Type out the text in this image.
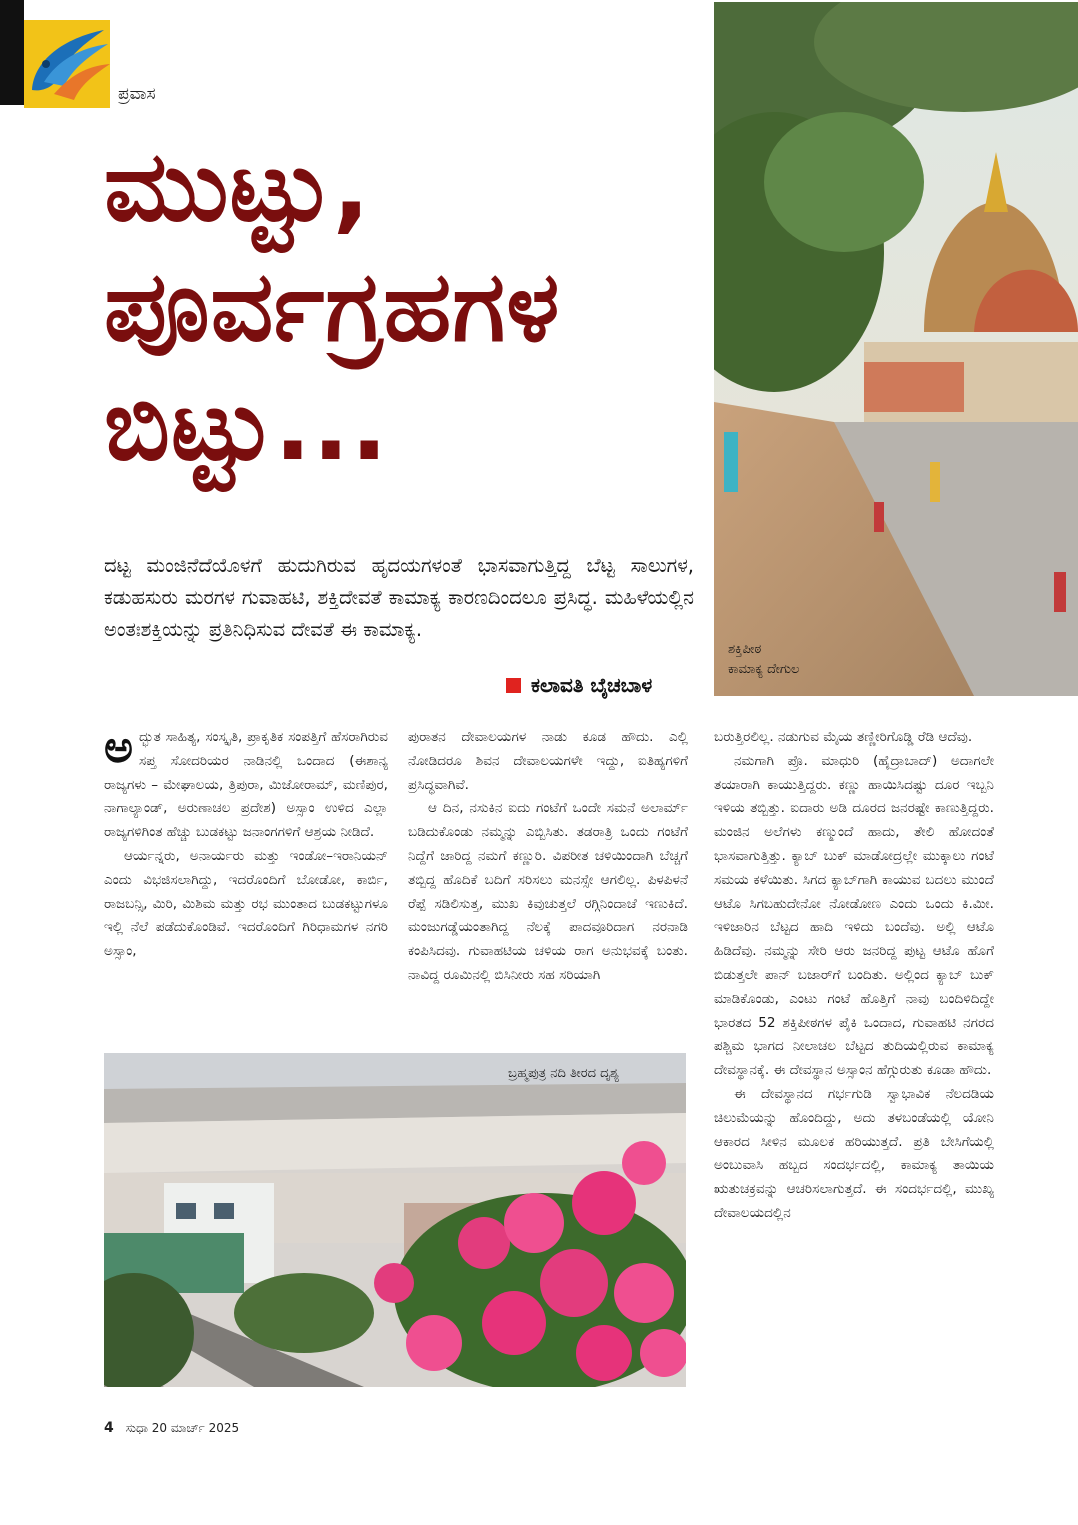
ಪ್ರವಾಸ
ಮುಟ್ಟು,
ಪೂರ್ವಗ್ರಹಗಳ
ಬಿಟ್ಟು...
ದಟ್ಟ ಮಂಜಿನೆದೆಯೊಳಗೆ ಹುದುಗಿರುವ ಹೃದಯಗಳಂತೆ ಭಾಸವಾಗುತ್ತಿದ್ದ ಬೆಟ್ಟ ಸಾಲುಗಳ, ಕಡುಹಸುರು ಮರಗಳ ಗುವಾಹಟಿ, ಶಕ್ತಿದೇವತೆ ಕಾಮಾಕ್ಯ ಕಾರಣದಿಂದಲೂ ಪ್ರಸಿದ್ಧ. ಮಹಿಳೆಯಲ್ಲಿನ ಅಂತಃಶಕ್ತಿಯನ್ನು ಪ್ರತಿನಿಧಿಸುವ ದೇವತೆ ಈ ಕಾಮಾಕ್ಯ.
ಕಲಾವತಿ ಬೈಚಬಾಳ
ಶಕ್ತಿಪೀಠ
ಕಾಮಾಕ್ಯ ದೇಗುಲ

ಅದ್ಭುತ ಸಾಹಿತ್ಯ, ಸಂಸ್ಕೃತಿ, ಪ್ರಾಕೃತಿಕ ಸಂಪತ್ತಿಗೆ ಹೆಸರಾಗಿರುವ ಸಪ್ತ ಸೋದರಿಯರ ನಾಡಿನಲ್ಲಿ ಒಂದಾದ (ಈಶಾನ್ಯ ರಾಜ್ಯಗಳು – ಮೇಘಾಲಯ, ತ್ರಿಪುರಾ, ಮಿಜೋರಾಮ್, ಮಣಿಪುರ, ನಾಗಾಲ್ಯಾಂಡ್, ಅರುಣಾಚಲ ಪ್ರದೇಶ) ಅಸ್ಸಾಂ ಉಳಿದ ಎಲ್ಲಾ ರಾಜ್ಯಗಳಿಗಿಂತ ಹೆಚ್ಚು ಬುಡಕಟ್ಟು ಜನಾಂಗಗಳಿಗೆ ಆಶ್ರಯ ನೀಡಿದೆ.

ಆರ್ಯನ್ನರು, ಅನಾರ್ಯರು ಮತ್ತು ಇಂಡೋ–ಇರಾನಿಯನ್ ಎಂದು ವಿಭಜಿಸಲಾಗಿದ್ದು, ಇದರೊಂದಿಗೆ ಬೋಡೋ, ಕಾರ್ಬಿ, ರಾಜಬನ್ಸಿ, ಮಿರಿ, ಮಿಶಿಮ ಮತ್ತು ರಭ ಮುಂತಾದ ಬುಡಕಟ್ಟುಗಳೂ ಇಲ್ಲಿ ನೆಲೆ ಪಡೆದುಕೊಂಡಿವೆ. ಇದರೊಂದಿಗೆ ಗಿರಿಧಾಮಗಳ ನಗರಿ ಅಸ್ಸಾಂ,

ಪುರಾತನ ದೇವಾಲಯಗಳ ನಾಡು ಕೂಡ ಹೌದು. ಎಲ್ಲಿ ನೋಡಿದರೂ ಶಿವನ ದೇವಾಲಯಗಳೇ ಇದ್ದು, ಐತಿಹ್ಯಗಳಿಗೆ ಪ್ರಸಿದ್ಧವಾಗಿವೆ.

ಆ ದಿನ, ನಸುಕಿನ ಐದು ಗಂಟೆಗೆ ಒಂದೇ ಸಮನೆ ಅಲಾರ್ಮ್ ಬಡಿದುಕೊಂಡು ನಮ್ಮನ್ನು ಎಬ್ಬಿಸಿತು. ತಡರಾತ್ರಿ ಒಂದು ಗಂಟೆಗೆ ನಿದ್ದೆಗೆ ಜಾರಿದ್ದ ನಮಗೆ ಕಣ್ಣುರಿ. ವಿಪರೀತ ಚಳಿಯಿಂದಾಗಿ ಬೆಚ್ಚಗೆ ತಬ್ಬಿದ್ದ ಹೊದಿಕೆ ಬದಿಗೆ ಸರಿಸಲು ಮನಸ್ಸೇ ಆಗಲಿಲ್ಲ. ಪಿಳಪಿಳನೆ ರೆಪ್ಪೆ ಸಡಿಲಿಸುತ್ತ, ಮುಖ ಕಿವುಚುತ್ತಲೆ ರಗ್ಗಿನಿಂದಾಚೆ ಇಣುಕಿದೆ. ಮಂಜುಗಡ್ಡೆಯಂತಾಗಿದ್ದ ನೆಲಕ್ಕೆ ಪಾದವೂರಿದಾಗ ನರನಾಡಿ ಕಂಪಿಸಿದವು. ಗುವಾಹಟಿಯ ಚಳಿಯ ರಾಗ ಅನುಭವಕ್ಕೆ ಬಂತು. ನಾವಿದ್ದ ರೂಮಿನಲ್ಲಿ ಬಿಸಿನೀರು ಸಹ ಸರಿಯಾಗಿ

ಬ್ರಹ್ಮಪುತ್ರ ನದಿ ತೀರದ ದೃಶ್ಯ

ಬರುತ್ತಿರಲಿಲ್ಲ. ನಡುಗುವ ಮೈಯ ತಣ್ಣೀರಿಗೊಡ್ಡಿ ರೆಡಿ ಆದೆವು.

ನಮಗಾಗಿ ಪ್ರೊ. ಮಾಧುರಿ (ಹೈದ್ರಾಬಾದ್) ಅದಾಗಲೇ ತಯಾರಾಗಿ ಕಾಯುತ್ತಿದ್ದರು. ಕಣ್ಣು ಹಾಯಿಸಿದಷ್ಟು ದೂರ ಇಬ್ಬನಿ ಇಳಿಯ ತಬ್ಬಿತ್ತು. ಐದಾರು ಅಡಿ ದೂರದ ಜನರಷ್ಟೇ ಕಾಣುತ್ತಿದ್ದರು. ಮಂಜಿನ ಅಲೆಗಳು ಕಣ್ಮುಂದೆ ಹಾದು, ತೇಲಿ ಹೋದಂತೆ ಭಾಸವಾಗುತ್ತಿತ್ತು. ಕ್ಯಾಬ್ ಬುಕ್ ಮಾಡೋದ್ರಲ್ಲೇ ಮುಕ್ಕಾಲು ಗಂಟೆ ಸಮಯ ಕಳೆಯಿತು. ಸಿಗದ ಕ್ಯಾಬ್‌ಗಾಗಿ ಕಾಯುವ ಬದಲು ಮುಂದೆ ಆಟೊ ಸಿಗಬಹುದೇನೋ ನೋಡೋಣ ಎಂದು ಒಂದು ಕಿ.ಮೀ. ಇಳಿಜಾರಿನ ಬೆಟ್ಟದ ಹಾದಿ ಇಳಿದು ಬಂದೆವು. ಅಲ್ಲಿ ಆಟೊ ಹಿಡಿದೆವು. ನಮ್ಮನ್ನು ಸೇರಿ ಆರು ಜನರಿದ್ದ ಪುಟ್ಟ ಆಟೊ ಹೊಗೆ ಬಿಡುತ್ತಲೇ ಪಾನ್ ಬಜಾರ್‌ಗೆ ಬಂದಿತು. ಅಲ್ಲಿಂದ ಕ್ಯಾಬ್ ಬುಕ್ ಮಾಡಿಕೊಂಡು, ಎಂಟು ಗಂಟೆ ಹೊತ್ತಿಗೆ ನಾವು ಬಂದಿಳಿದಿದ್ದೇ ಭಾರತದ 52 ಶಕ್ತಿಪೀಠಗಳ ಪೈಕಿ ಒಂದಾದ, ಗುವಾಹಟಿ ನಗರದ ಪಶ್ಚಿಮ ಭಾಗದ ನೀಲಾಚಲ ಬೆಟ್ಟದ ತುದಿಯಲ್ಲಿರುವ ಕಾಮಾಕ್ಯ ದೇವಸ್ಥಾನಕ್ಕೆ. ಈ ದೇವಸ್ಥಾನ ಅಸ್ಸಾಂನ ಹೆಗ್ಗುರುತು ಕೂಡಾ ಹೌದು.

ಈ ದೇವಸ್ಥಾನದ ಗರ್ಭಗುಡಿ ಸ್ವಾಭಾವಿಕ ನೆಲದಡಿಯ ಚಿಲುಮೆಯನ್ನು ಹೊಂದಿದ್ದು, ಅದು ತಳಬಂಡೆಯಲ್ಲಿ ಯೋನಿ ಆಕಾರದ ಸೀಳಿನ ಮೂಲಕ ಹರಿಯುತ್ತದೆ. ಪ್ರತಿ ಬೇಸಿಗೆಯಲ್ಲಿ ಅಂಬುವಾಸಿ ಹಬ್ಬದ ಸಂದರ್ಭದಲ್ಲಿ, ಕಾಮಾಕ್ಯ ತಾಯಿಯ ಋತುಚಕ್ರವನ್ನು ಆಚರಿಸಲಾಗುತ್ತದೆ. ಈ ಸಂದರ್ಭದಲ್ಲಿ, ಮುಖ್ಯ ದೇವಾಲಯದಲ್ಲಿನ

4 ಸುಧಾ 20 ಮಾರ್ಚ್ 2025
